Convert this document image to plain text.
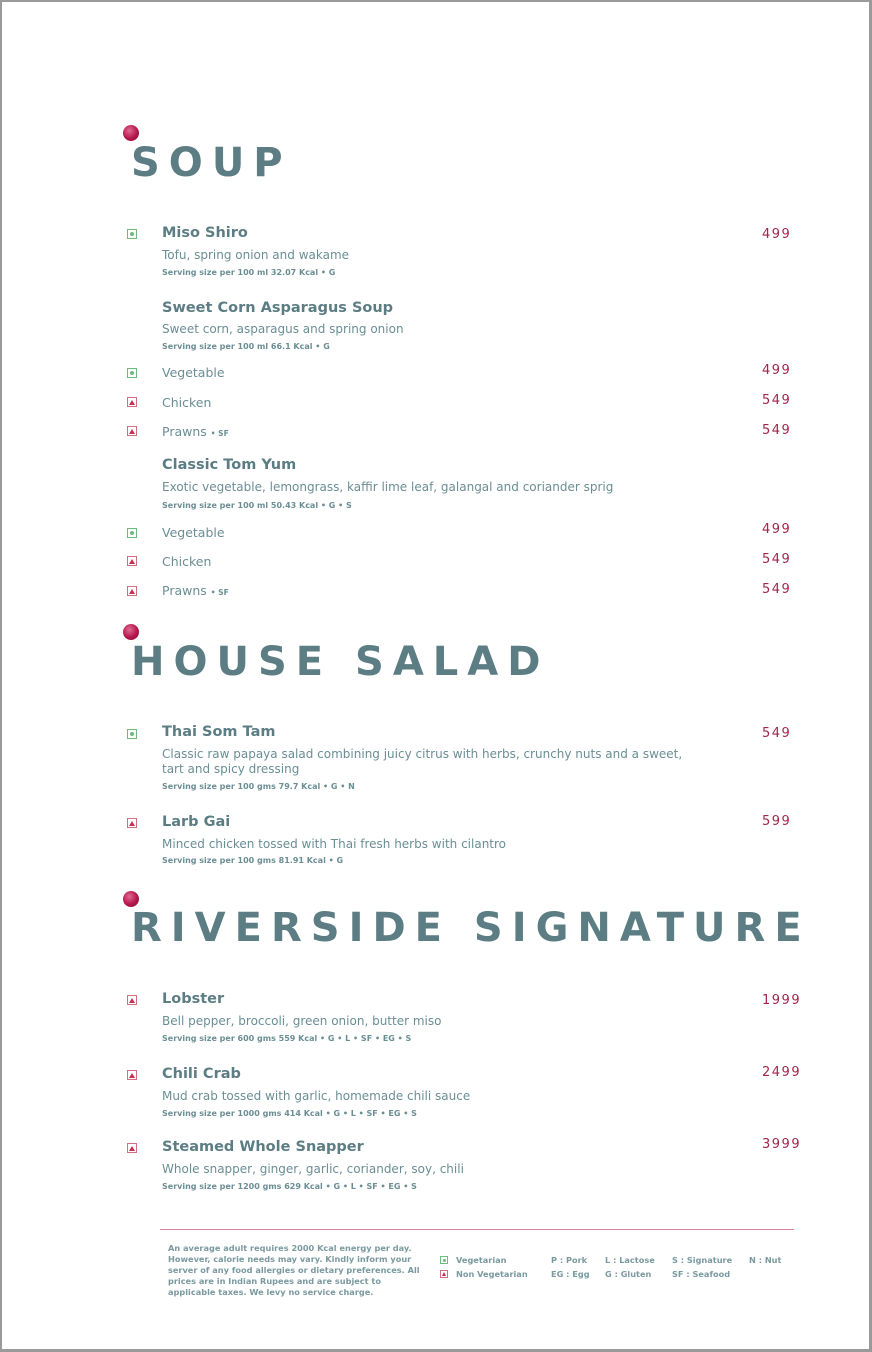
SOUP
Miso Shiro
Tofu, spring onion and wakame
Serving size per 100 ml 32.07 Kcal • G
499
Sweet Corn Asparagus Soup
Sweet corn, asparagus and spring onion
Serving size per 100 ml 66.1 Kcal • G
Vegetable	499
Chicken	549
Prawns • SF	549
Classic Tom Yum
Exotic vegetable, lemongrass, kaffir lime leaf, galangal and coriander sprig
Serving size per 100 ml 50.43 Kcal • G • S
Vegetable	499
Chicken	549
Prawns • SF	549
HOUSE SALAD
Thai Som Tam
Classic raw papaya salad combining juicy citrus with herbs, crunchy nuts and a sweet, tart and spicy dressing
Serving size per 100 gms 79.7 Kcal • G • N
549
Larb Gai
Minced chicken tossed with Thai fresh herbs with cilantro
Serving size per 100 gms 81.91 Kcal • G
599
RIVERSIDE SIGNATURE
Lobster
Bell pepper, broccoli, green onion, butter miso
Serving size per 600 gms 559 Kcal • G • L • SF • EG • S
1999
Chili Crab
Mud crab tossed with garlic, homemade chili sauce
Serving size per 1000 gms 414 Kcal • G • L • SF • EG • S
2499
Steamed Whole Snapper
Whole snapper, ginger, garlic, coriander, soy, chili
Serving size per 1200 gms 629 Kcal • G • L • SF • EG • S
3999
An average adult requires 2000 Kcal energy per day. However, calorie needs may vary. Kindly inform your server of any food allergies or dietary preferences. All prices are in Indian Rupees and are subject to applicable taxes. We levy no service charge.
Vegetarian
Non Vegetarian
P : Pork
EG : Egg
L : Lactose
G : Gluten
S : Signature
SF : Seafood
N : Nut
